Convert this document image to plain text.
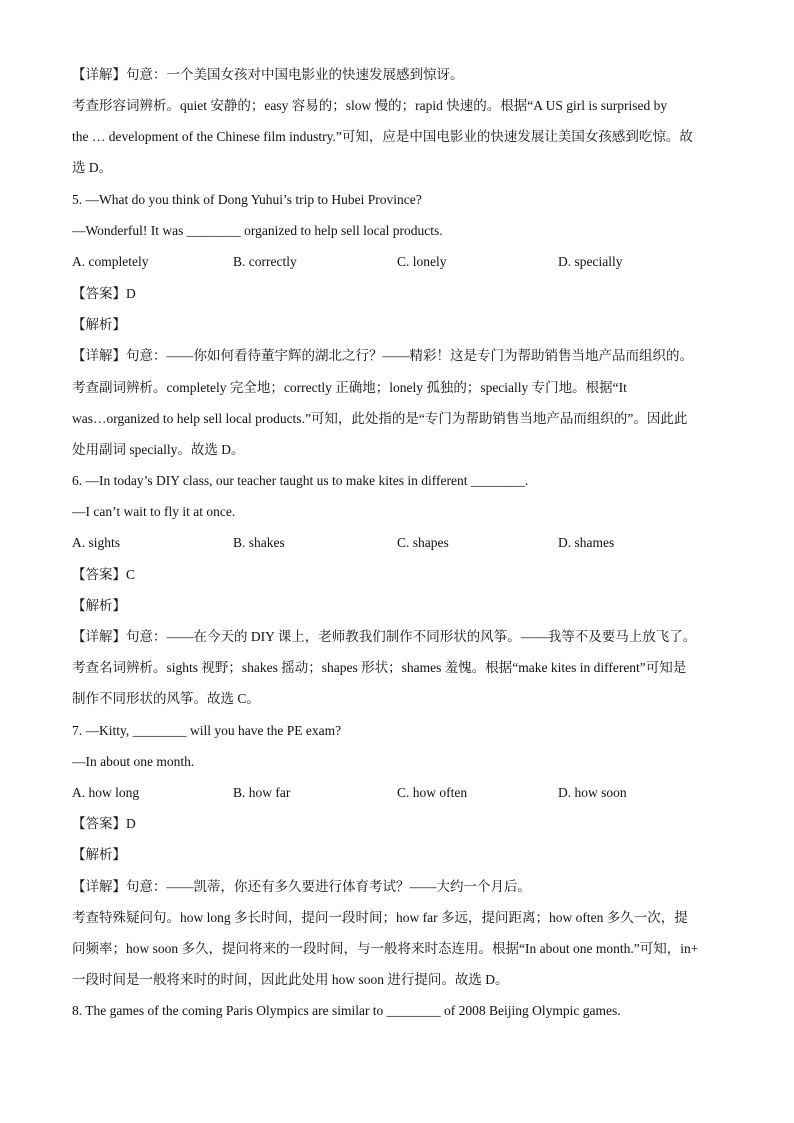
【详解】句意：一个美国女孩对中国电影业的快速发展感到惊讶。
考查形容词辨析。quiet 安静的；easy 容易的；slow 慢的；rapid 快速的。根据“A US girl is surprised by
the … development of the Chinese film industry.”可知，应是中国电影业的快速发展让美国女孩感到吃惊。故
选 D。
5. —What do you think of Dong Yuhui’s trip to Hubei Province?
—Wonderful! It was ________ organized to help sell local products.
A. completely	B. correctly	C. lonely	D. specially
【答案】D
【解析】
【详解】句意：——你如何看待董宇辉的湖北之行？——精彩！这是专门为帮助销售当地产品而组织的。
考查副词辨析。completely 完全地；correctly 正确地；lonely 孤独的；specially 专门地。根据“It
was…organized to help sell local products.”可知，此处指的是“专门为帮助销售当地产品而组织的”。因此此
处用副词 specially。故选 D。
6. —In today’s DIY class, our teacher taught us to make kites in different ________.
—I can’t wait to fly it at once.
A. sights	B. shakes	C. shapes	D. shames
【答案】C
【解析】
【详解】句意：——在今天的 DIY 课上，老师教我们制作不同形状的风筝。——我等不及要马上放飞了。
考查名词辨析。sights 视野；shakes 摇动；shapes 形状；shames 羞愧。根据“make kites in different”可知是
制作不同形状的风筝。故选 C。
7. —Kitty, ________ will you have the PE exam?
—In about one month.
A. how long	B. how far	C. how often	D. how soon
【答案】D
【解析】
【详解】句意：——凯蒂，你还有多久要进行体育考试？——大约一个月后。
考查特殊疑问句。how long 多长时间，提问一段时间；how far 多远，提问距离；how often 多久一次，提
问频率；how soon 多久，提问将来的一段时间，与一般将来时态连用。根据“In about one month.”可知，in+
一段时间是一般将来时的时间，因此此处用 how soon 进行提问。故选 D。
8. The games of the coming Paris Olympics are similar to ________ of 2008 Beijing Olympic games.
